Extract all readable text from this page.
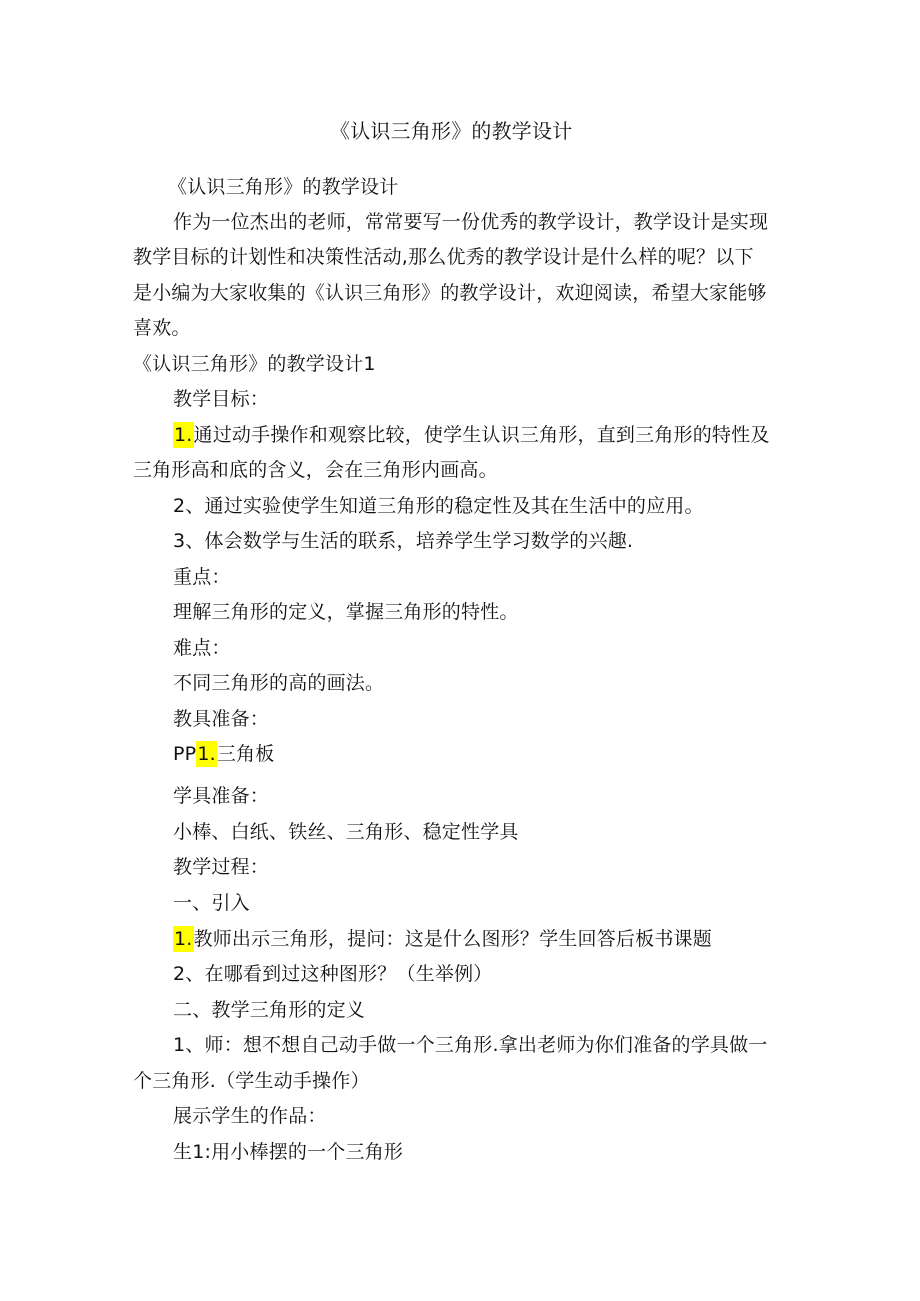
《认识三角形》的教学设计
《认识三角形》的教学设计
作为一位杰出的老师，常常要写一份优秀的教学设计，教学设计是实现
教学目标的计划性和决策性活动,那么优秀的教学设计是什么样的呢？以下
是小编为大家收集的《认识三角形》的教学设计，欢迎阅读，希望大家能够
喜欢。
《认识三角形》的教学设计1
教学目标：
1.通过动手操作和观察比较，使学生认识三角形，直到三角形的特性及
三角形高和底的含义，会在三角形内画高。
2、通过实验使学生知道三角形的稳定性及其在生活中的应用。
3、体会数学与生活的联系，培养学生学习数学的兴趣.
重点：
理解三角形的定义，掌握三角形的特性。
难点：
不同三角形的高的画法。
教具准备：
PP1.三角板
学具准备：
小棒、白纸、铁丝、三角形、稳定性学具
教学过程：
一、引入
1.教师出示三角形，提问：这是什么图形？学生回答后板书课题
2、在哪看到过这种图形？（生举例）
二、教学三角形的定义
1、师：想不想自己动手做一个三角形.拿出老师为你们准备的学具做一
个三角形.（学生动手操作）
展示学生的作品：
生1:用小棒摆的一个三角形
